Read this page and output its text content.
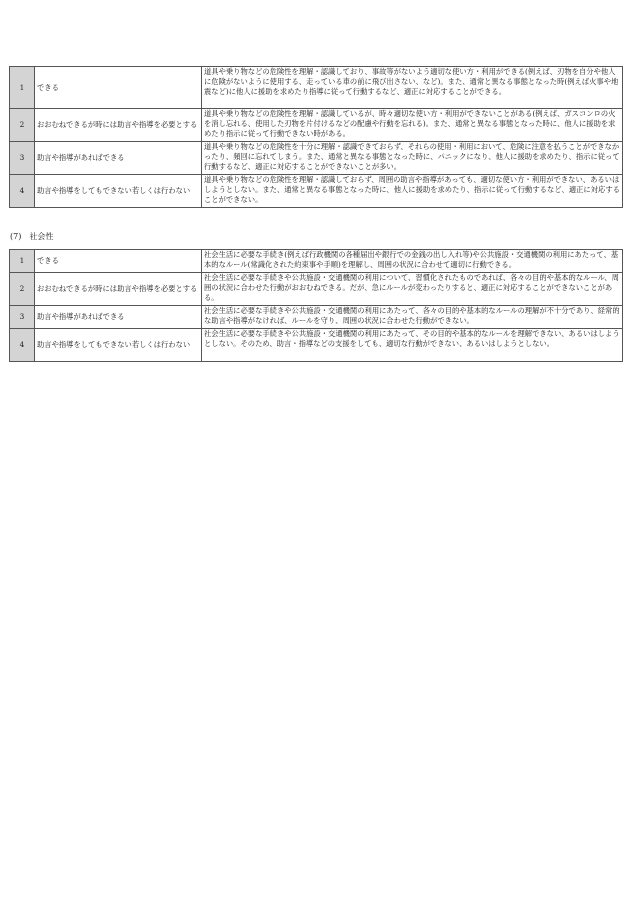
1	できる	道具や乗り物などの危険性を理解・認識しており、事故等がないよう適切な使い方・利用ができる(例えば、刃物を自分や他人に危険がないように使用する、走っている車の前に飛び出さない、など)。また、通常と異なる事態となった時(例えば火事や地震など)に他人に援助を求めたり指導に従って行動するなど、適正に対応することができる。
2	おおむねできるが時には助言や指導を必要とする	道具や乗り物などの危険性を理解・認識しているが、時々適切な使い方・利用ができないことがある(例えば、ガスコンロの火を消し忘れる、使用した刃物を片付けるなどの配慮や行動を忘れる)。また、通常と異なる事態となった時に、他人に援助を求めたり指示に従って行動できない時がある。
3	助言や指導があればできる	道具や乗り物などの危険性を十分に理解・認識できておらず、それらの使用・利用において、危険に注意を払うことができなかったり、頻回に忘れてしまう。また、通常と異なる事態となった時に、パニックになり、他人に援助を求めたり、指示に従って行動するなど、適正に対応することができないことが多い。
4	助言や指導をしてもできない若しくは行わない	道具や乗り物などの危険性を理解・認識しておらず、周囲の助言や指導があっても、適切な使い方・利用ができない、あるいはしようとしない。また、通常と異なる事態となった時に、他人に援助を求めたり、指示に従って行動するなど、適正に対応することができない。
(7)　社会性
1	できる	社会生活に必要な手続き(例えば行政機関の各種届出や銀行での金銭の出し入れ等)や公共施設・交通機関の利用にあたって、基本的なルール(常識化された約束事や手順)を理解し、周囲の状況に合わせて適切に行動できる。
2	おおむねできるが時には助言や指導を必要とする	社会生活に必要な手続きや公共施設・交通機関の利用について、習慣化されたものであれば、各々の目的や基本的なルール、周囲の状況に合わせた行動がおおむねできる。だが、急にルールが変わったりすると、適正に対応することができないことがある。
3	助言や指導があればできる	社会生活に必要な手続きや公共施設・交通機関の利用にあたって、各々の目的や基本的なルールの理解が不十分であり、経常的な助言や指導がなければ、ルールを守り、周囲の状況に合わせた行動ができない。
4	助言や指導をしてもできない若しくは行わない	社会生活に必要な手続きや公共施設・交通機関の利用にあたって、その目的や基本的なルールを理解できない、あるいはしようとしない。そのため、助言・指導などの支援をしても、適切な行動ができない、あるいはしようとしない。
